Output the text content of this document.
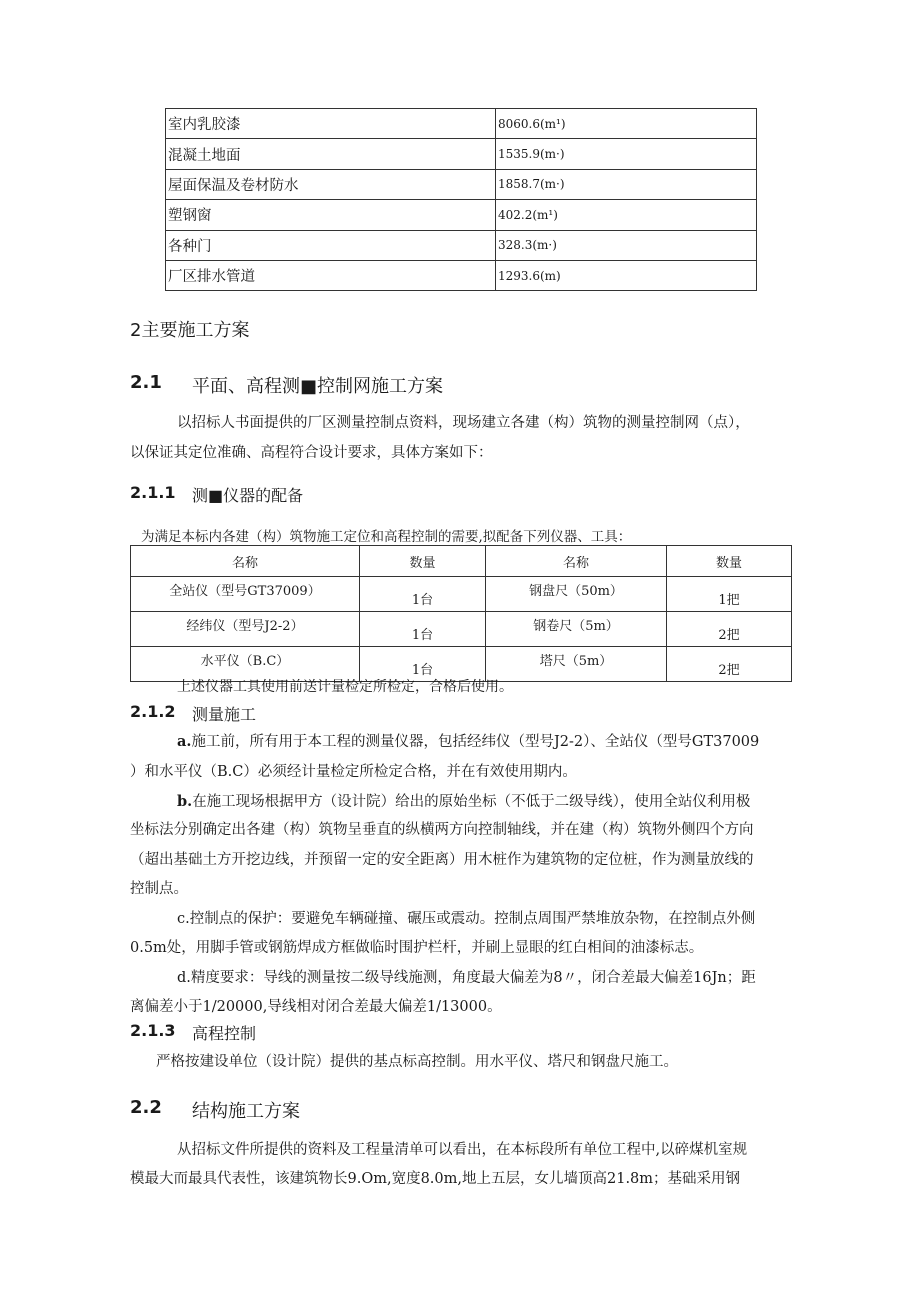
室内乳胶漆	8060.6(m¹)
混凝土地面	1535.9(m·)
屋面保温及卷材防水	1858.7(m·)
塑钢窗	402.2(m¹)
各种门	328.3(m·)
厂区排水管道	1293.6(m)
2主要施工方案
2.1 平面、高程测■控制网施工方案
以招标人书面提供的厂区测量控制点资料，现场建立各建（构）筑物的测量控制网（点），
以保证其定位准确、高程符合设计要求，具体方案如下：
2.1.1 测■仪器的配备
为满足本标内各建（构）筑物施工定位和高程控制的需要,拟配备下列仪器、工具：
名称	数量	名称	数量
全站仪（型号GT37009）	1台	钢盘尺（50m）	1把
经纬仪（型号J2-2）	1台	钢卷尺（5m）	2把
水平仪（B.C）	1台	塔尺（5m）	2把
上述仪器工具使用前送计量检定所检定，合格后使用。
2.1.2 测量施工
a.施工前，所有用于本工程的测量仪器，包括经纬仪（型号J2-2）、全站仪（型号GT37009
）和水平仪（B.C）必须经计量检定所检定合格，并在有效使用期内。
b.在施工现场根据甲方（设计院）给出的原始坐标（不低于二级导线），使用全站仪利用极
坐标法分别确定出各建（构）筑物呈垂直的纵横两方向控制轴线，并在建（构）筑物外侧四个方向
（超出基础土方开挖边线，并预留一定的安全距离）用木桩作为建筑物的定位桩，作为测量放线的
控制点。
c.控制点的保护：要避免车辆碰撞、碾压或震动。控制点周围严禁堆放杂物，在控制点外侧
0.5m处，用脚手管或钢筋焊成方框做临时围护栏杆，并刷上显眼的红白相间的油漆标志。
d.精度要求：导线的测量按二级导线施测，角度最大偏差为8〃，闭合差最大偏差16Jn；距
离偏差小于1/20000,导线相对闭合差最大偏差1/13000。
2.1.3 高程控制
严格按建设单位（设计院）提供的基点标高控制。用水平仪、塔尺和钢盘尺施工。
2.2 结构施工方案
从招标文件所提供的资料及工程量清单可以看出，在本标段所有单位工程中,以碎煤机室规
模最大而最具代表性，该建筑物长9.Om,宽度8.0m,地上五层，女儿墙顶高21.8m；基础采用钢
